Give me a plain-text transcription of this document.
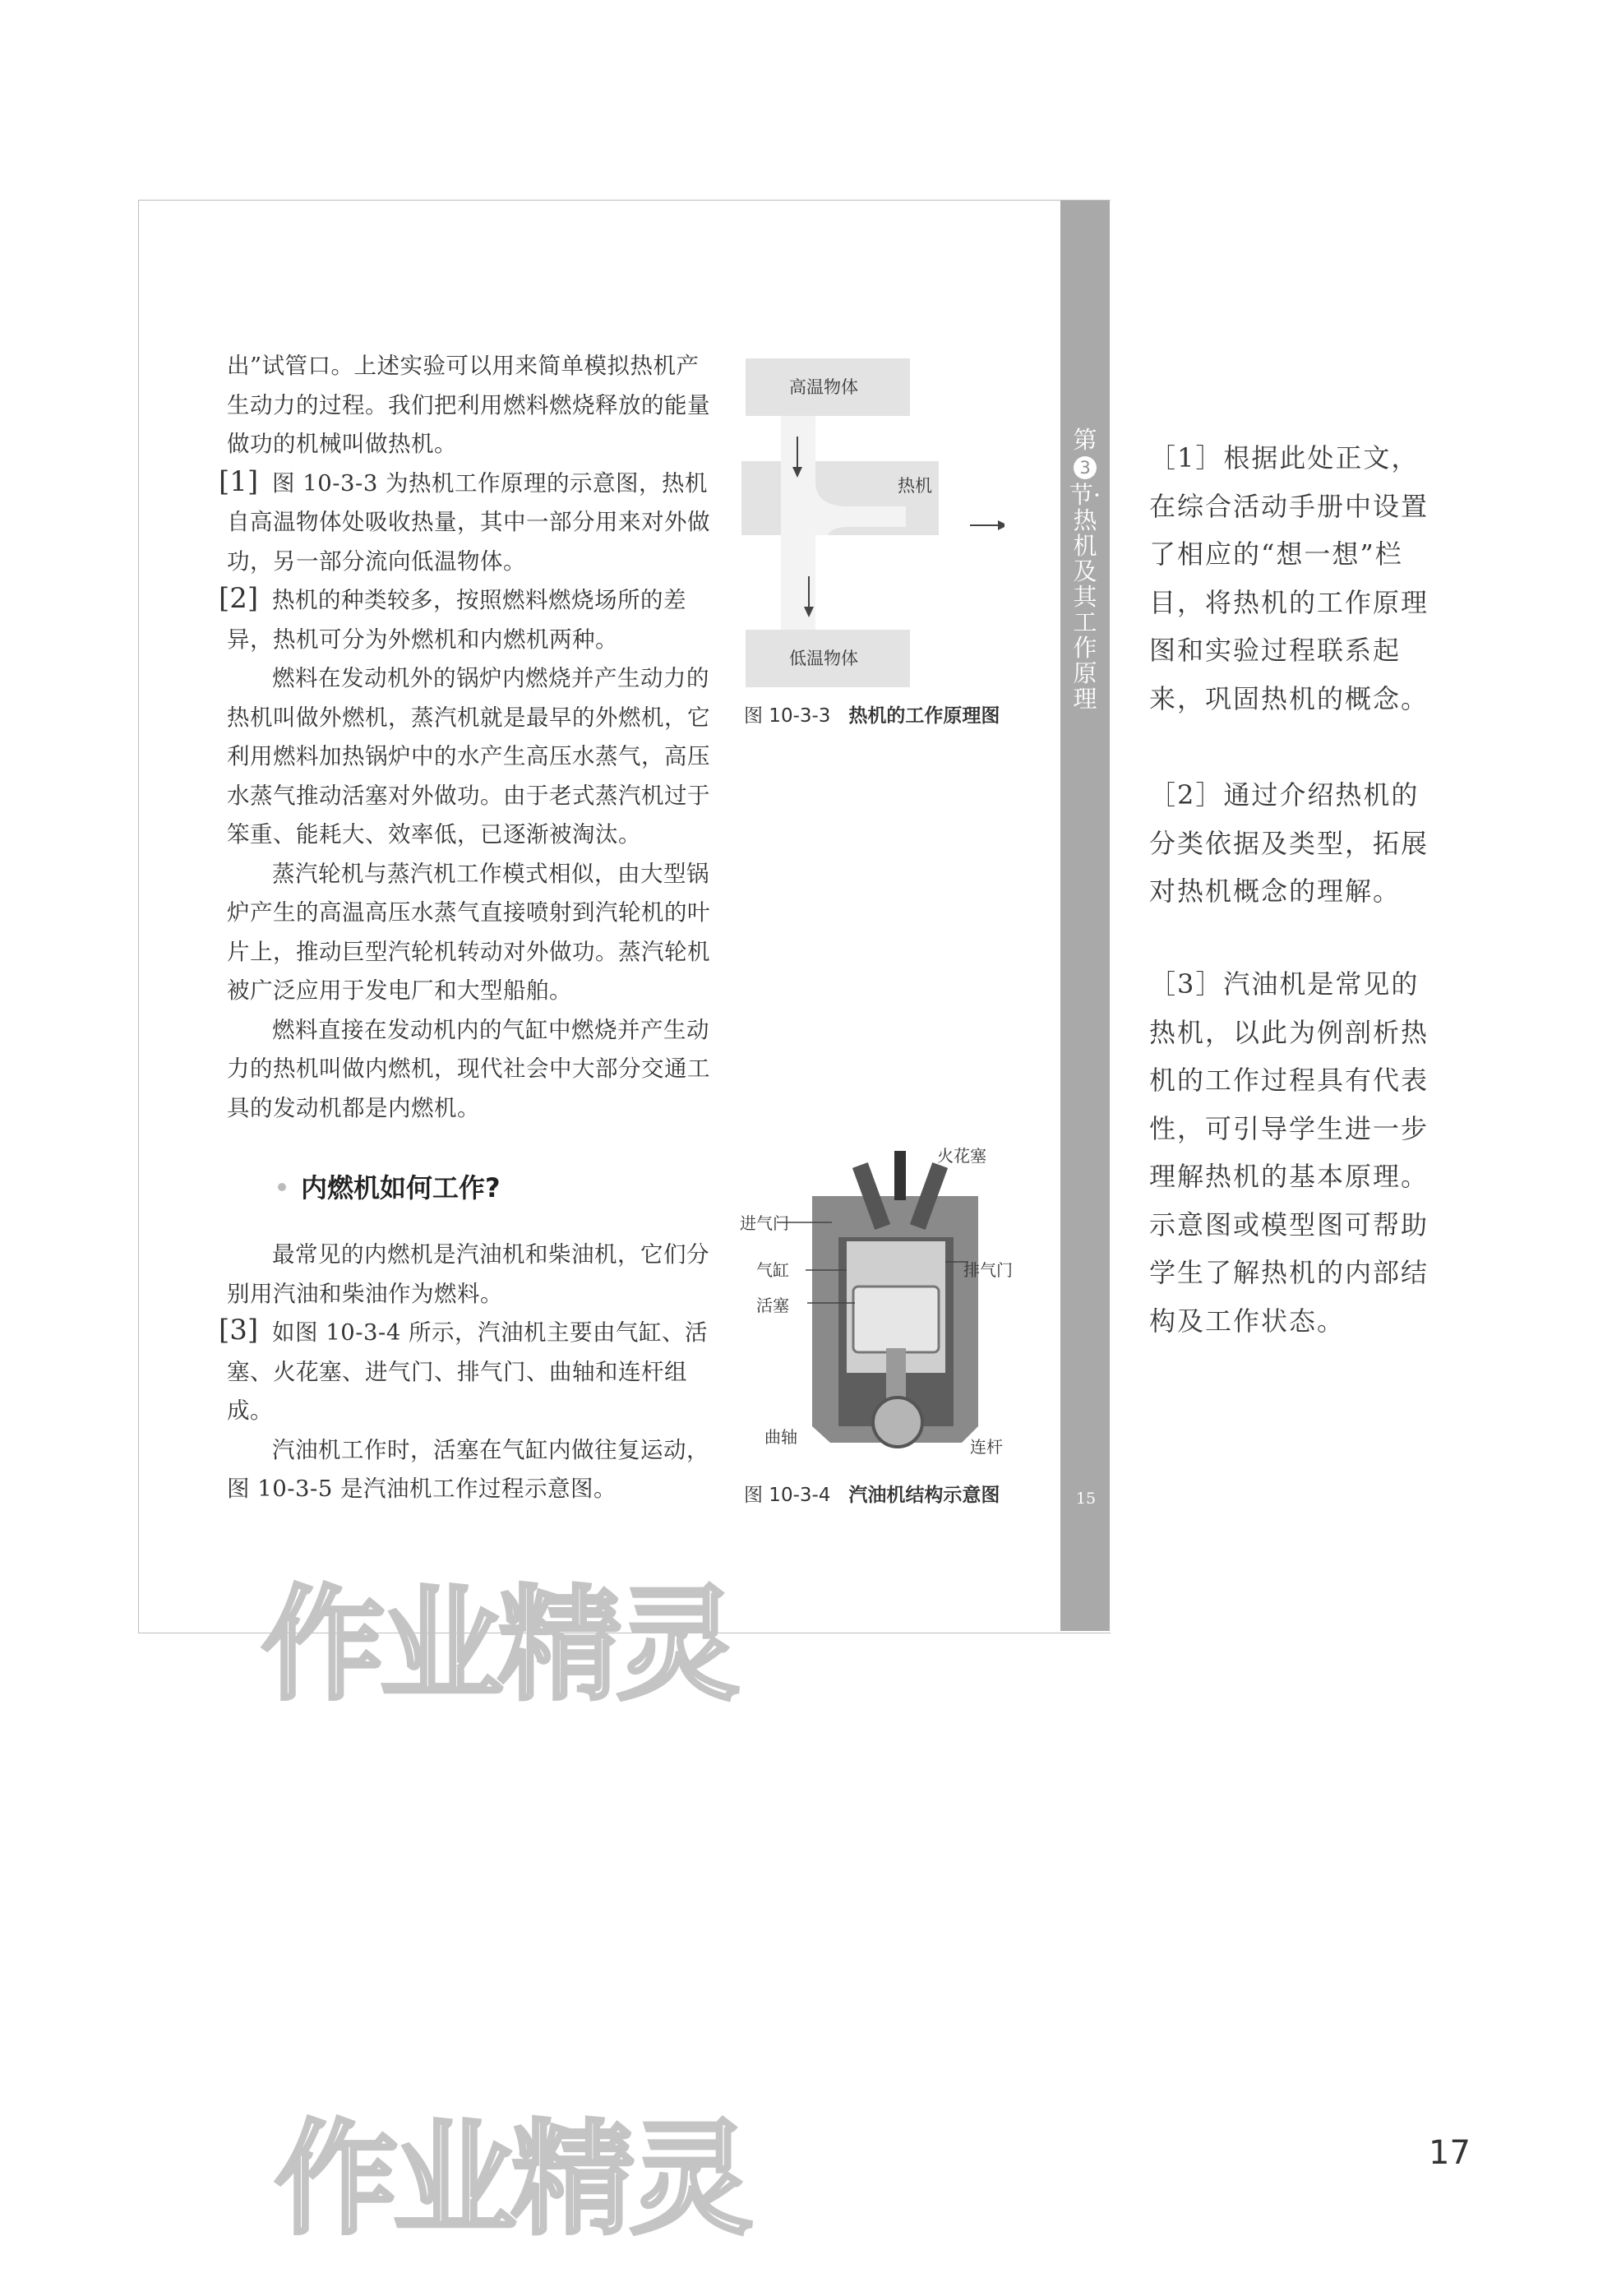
第
3
节·热机及其工作原理
15

出”试管口。上述实验可以用来简单模拟热机产生动力的过程。我们把利用燃料燃烧释放的能量做功的机械叫做热机。

图 10-3-3 为热机工作原理的示意图，热机自高温物体处吸收热量，其中一部分用来对外做功，另一部分流向低温物体。

热机的种类较多，按照燃料燃烧场所的差异，热机可分为外燃机和内燃机两种。

燃料在发动机外的锅炉内燃烧并产生动力的热机叫做外燃机，蒸汽机就是最早的外燃机，它利用燃料加热锅炉中的水产生高压水蒸气，高压水蒸气推动活塞对外做功。由于老式蒸汽机过于笨重、能耗大、效率低，已逐渐被淘汰。

蒸汽轮机与蒸汽机工作模式相似，由大型锅炉产生的高温高压水蒸气直接喷射到汽轮机的叶片上，推动巨型汽轮机转动对外做功。蒸汽轮机被广泛应用于发电厂和大型船舶。

燃料直接在发动机内的气缸中燃烧并产生动力的热机叫做内燃机，现代社会中大部分交通工具的发动机都是内燃机。

[1]
[2]
内燃机如何工作?

最常见的内燃机是汽油机和柴油机，它们分别用汽油和柴油作为燃料。

如图 10-3-4 所示，汽油机主要由气缸、活塞、火花塞、进气门、排气门、曲轴和连杆组成。

汽油机工作时，活塞在气缸内做往复运动，图 10-3-5 是汽油机工作过程示意图。

[3]
高温物体
热机
低温物体
图 10-3-3 热机的工作原理图
火花塞
进气门
气缸	排气门
活塞
曲轴	连杆
图 10-3-4 汽油机结构示意图
［1］根据此处正文，在综合活动手册中设置了相应的“想一想”栏目，将热机的工作原理图和实验过程联系起来，巩固热机的概念。
［2］通过介绍热机的分类依据及类型，拓展对热机概念的理解。
［3］汽油机是常见的热机，以此为例剖析热机的工作过程具有代表性，可引导学生进一步理解热机的基本原理。示意图或模型图可帮助学生了解热机的内部结构及工作状态。
作业精灵
作业精灵	17
